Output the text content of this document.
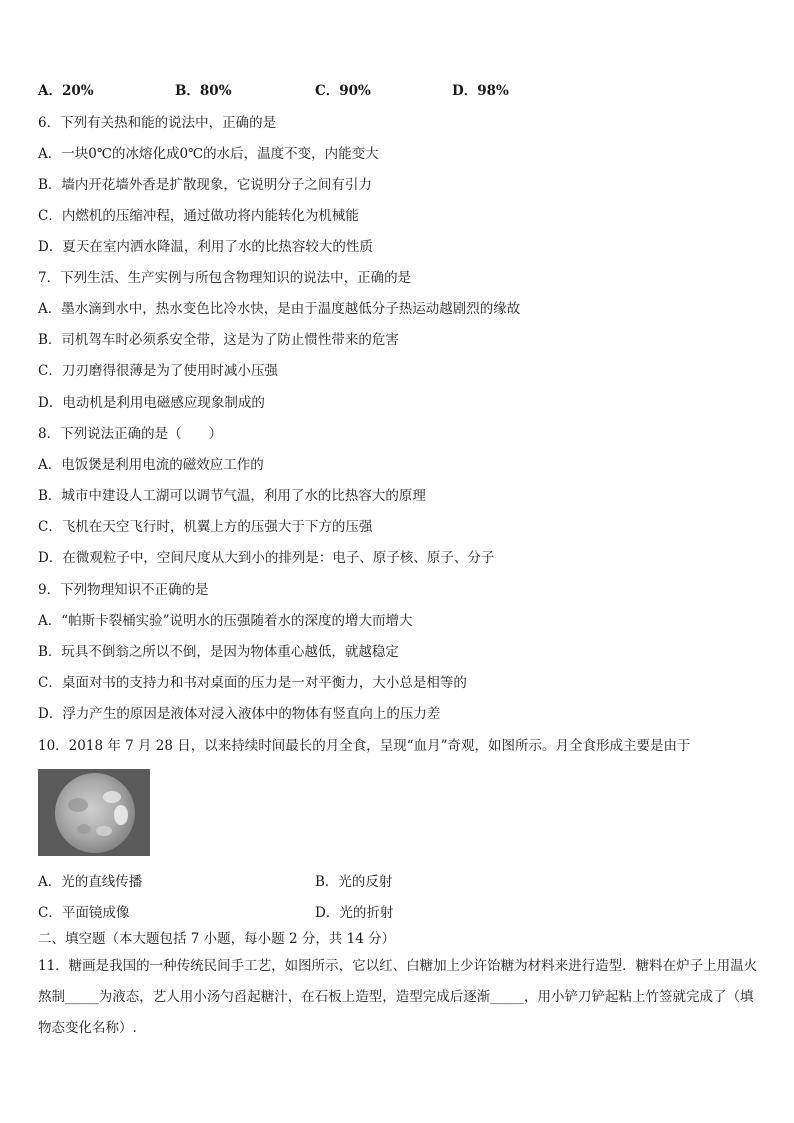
A．20%	B．80%	C．90%	D．98%
6．下列有关热和能的说法中，正确的是
A．一块0℃的冰熔化成0℃的水后，温度不变，内能变大
B．墙内开花墙外香是扩散现象，它说明分子之间有引力
C．内燃机的压缩冲程，通过做功将内能转化为机械能
D．夏天在室内洒水降温，利用了水的比热容较大的性质
7．下列生活、生产实例与所包含物理知识的说法中，正确的是
A．墨水滴到水中，热水变色比冷水快，是由于温度越低分子热运动越剧烈的缘故
B．司机驾车时必须系安全带，这是为了防止惯性带来的危害
C．刀刃磨得很薄是为了使用时减小压强
D．电动机是利用电磁感应现象制成的
8．下列说法正确的是（　　）
A．电饭煲是利用电流的磁效应工作的
B．城市中建设人工湖可以调节气温，利用了水的比热容大的原理
C．飞机在天空飞行时，机翼上方的压强大于下方的压强
D．在微观粒子中，空间尺度从大到小的排列是：电子、原子核、原子、分子
9．下列物理知识不正确的是
A．“帕斯卡裂桶实验”说明水的压强随着水的深度的增大而增大
B．玩具不倒翁之所以不倒，是因为物体重心越低，就越稳定
C．桌面对书的支持力和书对桌面的压力是一对平衡力，大小总是相等的
D．浮力产生的原因是液体对浸入液体中的物体有竖直向上的压力差
10．2018 年 7 月 28 日，以来持续时间最长的月全食，呈现“血月”奇观，如图所示。月全食形成主要是由于
A．光的直线传播	B．光的反射
C．平面镜成像	D．光的折射
二、填空题（本大题包括 7 小题，每小题 2 分，共 14 分）
11．糖画是我国的一种传统民间手工艺，如图所示，它以红、白糖加上少许饴糖为材料来进行造型．糖料在炉子上用温火熬制_____为液态，艺人用小汤勺舀起糖汁，在石板上造型，造型完成后逐渐_____，用小铲刀铲起粘上竹签就完成了（填物态变化名称）.
